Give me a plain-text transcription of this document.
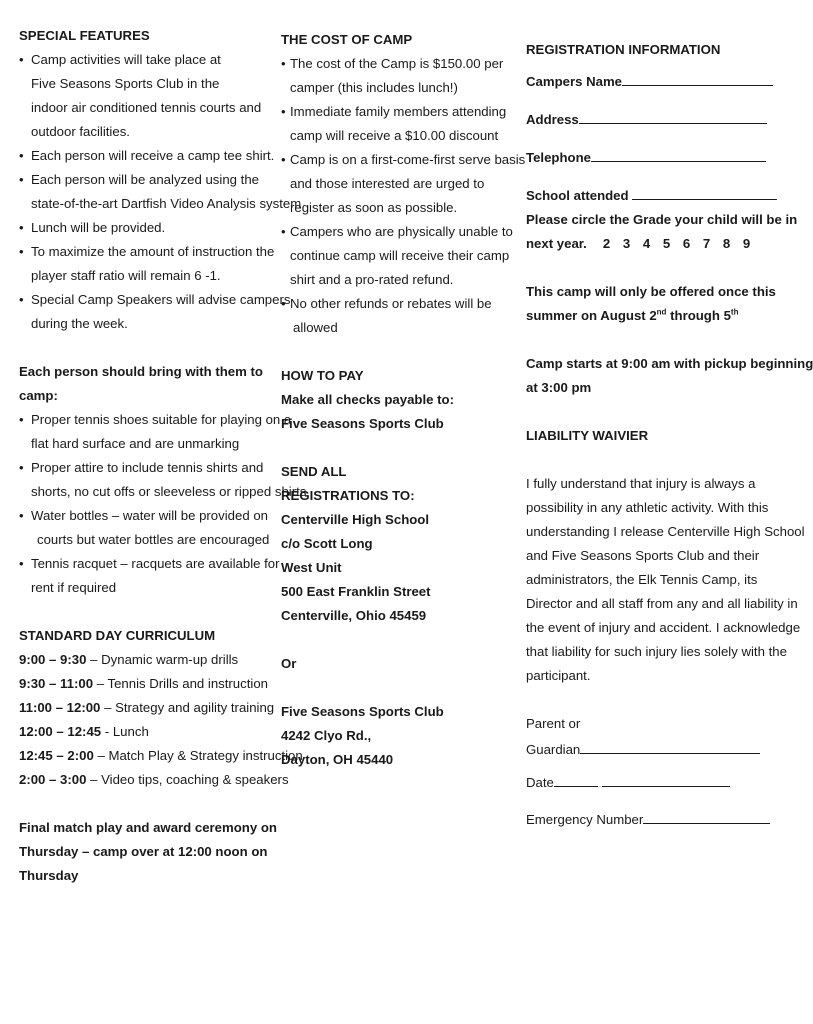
SPECIAL FEATURES
• Camp activities will take place at
Five Seasons Sports Club in the
indoor air conditioned tennis courts and
outdoor facilities.
• Each person will receive a camp tee shirt.
• Each person will be analyzed using the
state-of-the-art Dartfish Video Analysis system
• Lunch will be provided.
• To maximize the amount of instruction the
player staff ratio will remain 6 -1.
• Special Camp Speakers will advise campers
during the week.
Each person should bring with them to
camp:
• Proper tennis shoes suitable for playing on a
flat hard surface and are unmarking
• Proper attire to include tennis shirts and
shorts, no cut offs or sleeveless or ripped shirts
• Water bottles – water will be provided on
courts but water bottles are encouraged
• Tennis racquet – racquets are available for
rent if required
STANDARD DAY CURRICULUM
9:00 – 9:30 – Dynamic warm-up drills
9:30 – 11:00 – Tennis Drills and instruction
11:00 – 12:00 – Strategy and agility training
12:00 – 12:45 - Lunch
12:45 – 2:00 – Match Play & Strategy instruction
2:00 – 3:00 – Video tips, coaching & speakers
Final match play and award ceremony on
Thursday – camp over at 12:00 noon on
Thursday
THE COST OF CAMP
• The cost of the Camp is $150.00 per
camper (this includes lunch!)
• Immediate family members attending
camp will receive a $10.00 discount
• Camp is on a first-come-first serve basis
and those interested are urged to
register as soon as possible.
• Campers who are physically unable to
continue camp will receive their camp
shirt and a pro-rated refund.
• No other refunds or rebates will be
allowed
HOW TO PAY
Make all checks payable to:
Five Seasons Sports Club
SEND ALL
REGISTRATIONS TO:
Centerville High School
c/o Scott Long
West Unit
500 East Franklin Street
Centerville, Ohio 45459
Or
Five Seasons Sports Club
4242 Clyo Rd.,
Dayton, OH 45440
REGISTRATION INFORMATION
Campers Name
Address
Telephone
School attended
Please circle the Grade your child will be in
next year. 2 3 4 5 6 7 8 9
This camp will only be offered once this
summer on August 2nd through 5th
Camp starts at 9:00 am with pickup beginning
at 3:00 pm
LIABILITY WAIVIER
I fully understand that injury is always a
possibility in any athletic activity. With this
understanding I release Centerville High School
and Five Seasons Sports Club and their
administrators, the Elk Tennis Camp, its
Director and all staff from any and all liability in
the event of injury and accident. I acknowledge
that liability for such injury lies solely with the
participant.
Parent or
Guardian
Date
Emergency Number
